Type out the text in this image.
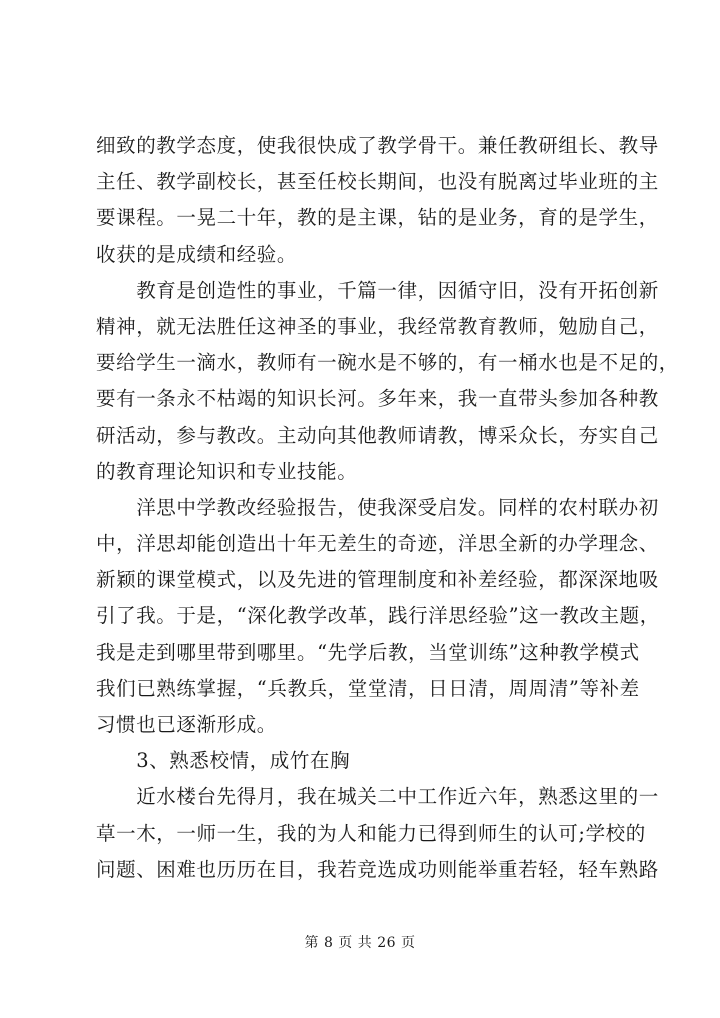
细致的教学态度，使我很快成了教学骨干。兼任教研组长、教导
主任、教学副校长，甚至任校长期间，也没有脱离过毕业班的主
要课程。一晃二十年，教的是主课，钻的是业务，育的是学生，
收获的是成绩和经验。
　　教育是创造性的事业，千篇一律，因循守旧，没有开拓创新
精神，就无法胜任这神圣的事业，我经常教育教师，勉励自己，
要给学生一滴水，教师有一碗水是不够的，有一桶水也是不足的，
要有一条永不枯竭的知识长河。多年来，我一直带头参加各种教
研活动，参与教改。主动向其他教师请教，博采众长，夯实自己
的教育理论知识和专业技能。
　　洋思中学教改经验报告，使我深受启发。同样的农村联办初
中，洋思却能创造出十年无差生的奇迹，洋思全新的办学理念、
新颖的课堂模式，以及先进的管理制度和补差经验，都深深地吸
引了我。于是，“深化教学改革，践行洋思经验”这一教改主题，
我是走到哪里带到哪里。“先学后教，当堂训练”这种教学模式
我们已熟练掌握，“兵教兵，堂堂清，日日清，周周清”等补差
习惯也已逐渐形成。
　　3、熟悉校情，成竹在胸
　　近水楼台先得月，我在城关二中工作近六年，熟悉这里的一
草一木，一师一生，我的为人和能力已得到师生的认可;学校的
问题、困难也历历在目，我若竞选成功则能举重若轻，轻车熟路
第 8 页 共 26 页
